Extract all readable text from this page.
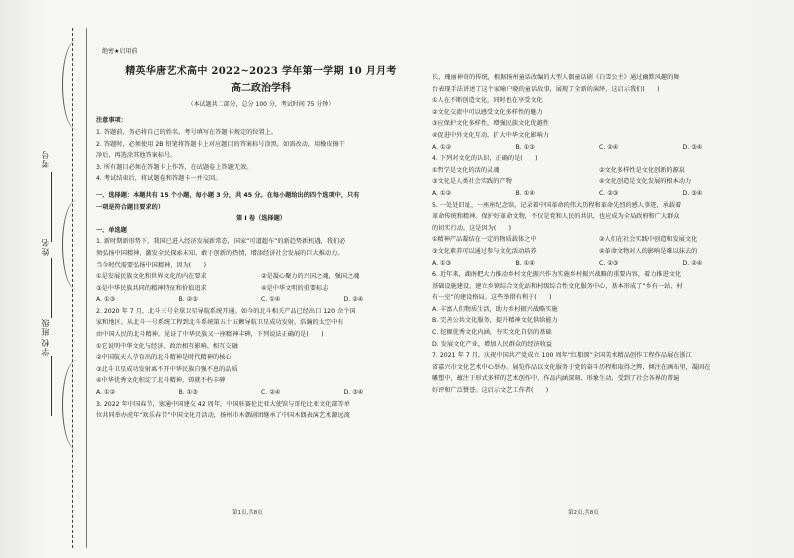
考号
姓名
班级
学校
绝密★启用前
精英华唐艺术高中 2022~2023 学年第一学期 10 月月考
高二政治学科
（本试题共二部分，总分 100 分，考试时间 75 分钟）
注意事项：
1. 答题前，务必将自己的姓名、考号填写在答题卡规定的位置上。
2. 答题时，必须使用 2B 铅笔将答题卡上对应题目的答案标号涂黑，如需改动，用橡皮擦干
净后，再选涂其他答案标号。
3. 所有题目必须在答题卡上作答，在试题卷上答题无效。
4. 考试结束后，将试题卷和答题卡一并交回。
一、选择题：本题共有 15 个小题，每小题 3 分，共 45 分。在每小题给出的四个选项中，只有
一项是符合题目要求的）
第 I 卷（选择题）
一、单选题
1. 新时期新形势下，我国已进入经济发展新常态，国家“可道超车”的新趋势新机遇，我们必
须弘扬中国精神，激发全民探索未知、敢于创新的热情，增添经济社会发展的巨大推动力。
当今时代需要弘扬中国精神，因为(　　)
①是发展民族文化和世界文化的内在要求	②是凝心聚力的兴国之魂，强国之魂
③是中华民族共同的精神特征和价值追求	④是中华文明的重要标志
A. ①③	B. ②③	C. ①④	D. ②④
2. 2020 年 7 月，北斗三号全球卫星导航系统开通。如今的北斗相关产品已经出口 120 余个国
家和地区。从北斗一号系统工程到北斗系统第五十五颗导航卫星成功发射，浩瀚的太空中有
由中国人民的北斗精神，见证了中华民族又一座精神丰碑，下列说法正确的是(　　)
①它说明中华文化与经济、政治相互影响、相互交融
②中国航天人孕育出的北斗精神是时代精神的核心
③北斗卫星成功发射离不开中华民族自强不息的品质
④中华优秀文化积淀了北斗精神，铸就不朽丰碑
A. ①②	B. ①③	C. ②④	D. ③④
3. 2022 年中国春节，塞通中国建交 42 周年，中国驻赛伦比亚大使馆与哥伦比亚文化部等单
位共同举办虎年“欢乐春节”中国文化月活动，扬州市木偶剧团继承了中国木偶表演艺术源远流
第1页,共8页
长，瑰丽神奇的传统，根据扬州童话改编的大型人偶童话剧《白雪公主》通过幽默风趣的舞
台表现手法讲述了这个家喻户晓的童话故事，展现了全新的演绎，这启示我们(　　)
①人在不断创造文化，同时也在享受文化
②文化交流中可以感受文化多样性的魅力
③应保护文化多样性，增强民族文化优越性
④促进中外文化互动，扩大中华文化影响力
A. ①②	B. ①③	C. ②④	D. ③④
4. 下列对文化的认识，正确的是(　　)
①哲学是文化的活的灵魂	②文化多样性是文化创新的源泉
③文化是人类社会实践的产物	④文化创造是文化发展的根本动力
A. ①②	B. ①④	C. ②③	D. ③④
5. 一处处旧址、一座座纪念馆，记录着中国革命的伟大历程和革命先烈的感人事迹，承载着
革命传统和精神。保护好革命文物，不仅是党和人民的共识，也应成为全局政府和广大群众
的切实行动。这是因为(　　)
①精神产品凝结在一定的物质载体之中	②人们在社会实践中创造和发展文化
③文化素养可以通过参与文化活动培养	④革命文物对人的影响是难以抹去的
A. ①③	B. ①④	C. ②③	D. ②④
6. 近年来，湖南把大力推动乡村文化振兴作为实施乡村振兴战略的重要内容，着力推进文化
基础设施建设，建立乡镇综合文化站和村级综合性文化服务中心，基本形成了“乡有一站、村
有一室”的建设格局。这些举措有利于(　　)
A. 丰富人们物质生活，助力乡村振兴战略实施
B. 完善公共文化服务，提升精神文化供给能力
C. 挖掘优秀文化内涵，夯实文化自信的基础
D. 发展文化产业，增加人民群众的经济收益
7. 2021 年 7 月，庆祝中国共产党成立 100 周年“红船颂”全国美术精品创作工程作品展在浙江
省嘉兴市文化艺术中心举办。展览作品以文化服务于党的奋斗历程和取得之辉，倾注在画布里，凝固在
雕塑中，蕴注于形式多样的艺术创作中，作品内涵深刻、形象生动，受到了社会各界的普遍
好评和广泛赞誉。这启示文艺工作者(　　)
第2页,共8页
